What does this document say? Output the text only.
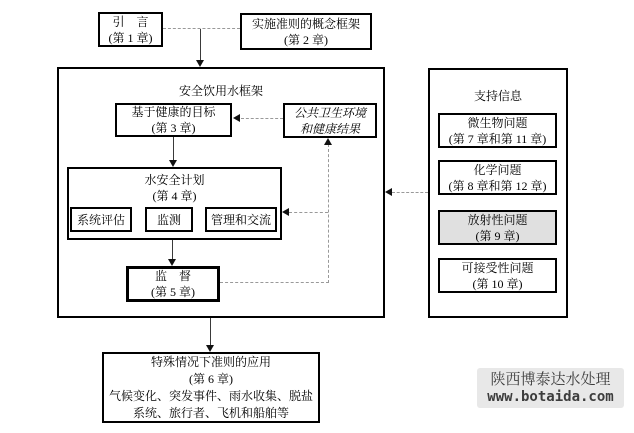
引　言
(第 1 章)
实施准则的概念框架
(第 2 章)
安全饮用水框架
基于健康的目标
(第 3 章)
公共卫生环境
和健康结果
水安全计划
(第 4 章)
系统评估	监测 管理和交流
监　督
(第 5 章)
特殊情况下准则的应用
(第 6 章)
气候变化、突发事件、雨水收集、脱盐
系统、旅行者、飞机和船舶等
支持信息
微生物问题
(第 7 章和第 11 章)
化学问题
(第 8 章和第 12 章)
放射性问题
(第 9 章)
可接受性问题
(第 10 章)
陕西博泰达水处理
www.botaida.com
